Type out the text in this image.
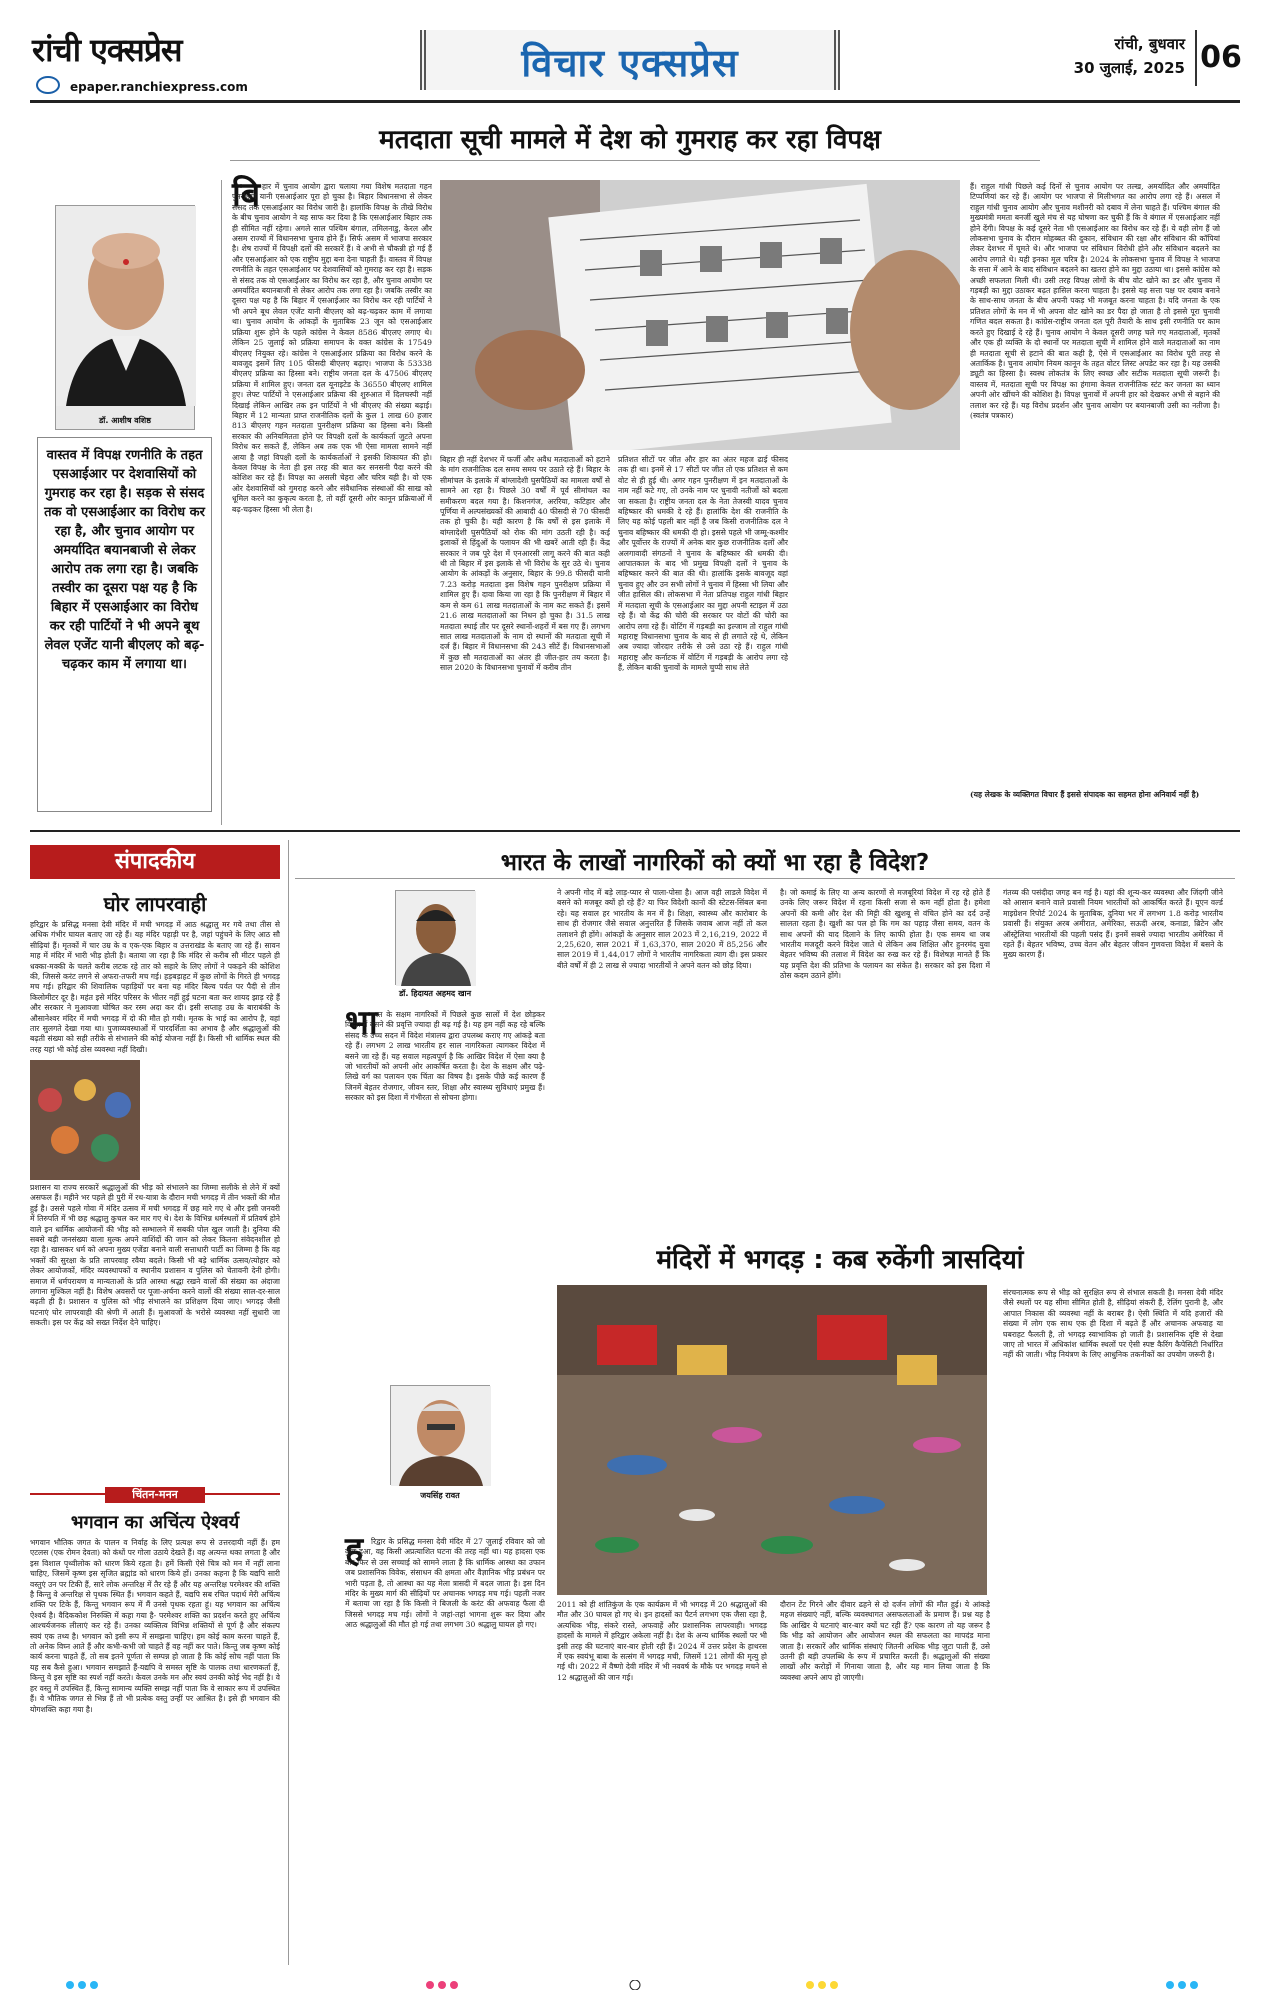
रांची एक्सप्रेस
epaper.ranchiexpress.com
विचार एक्सप्रेस	रांची, बुधवार
30 जुलाई, 2025 06
मतदाता सूची मामले में देश को गुमराह कर रहा विपक्ष
डॉ. आशीष वशिष्ठ
वास्तव में विपक्ष रणनीति के तहत एसआईआर पर देशवासियों को गुमराह कर रहा है। सड़क से संसद तक वो एसआईआर का विरोध कर रहा है, और चुनाव आयोग पर अमर्यादित बयानबाजी से लेकर आरोप तक लगा रहा है। जबकि तस्वीर का दूसरा पक्ष यह है कि बिहार में एसआईआर का विरोध कर रही पार्टियों ने भी अपने बूथ लेवल एजेंट यानी बीएलए को बढ़-चढ़कर काम में लगाया था।
बि हार में चुनाव आयोग द्वारा चलाया गया विशेष मतदाता गहन पुनरीक्षण यानी एसआईआर पूरा हो चुका है। बिहार विधानसभा से लेकर संसद तक एसआईआर का विरोध जारी है। हालांकि विपक्ष के तीखे विरोध के बीच चुनाव आयोग ने यह साफ कर दिया है कि एसआईआर बिहार तक ही सीमित नहीं रहेगा। अगले साल पश्चिम बंगाल, तमिलनाडु, केरल और असम राज्यों में विधानसभा चुनाव होने हैं। सिर्फ असम में भाजपा सरकार है। शेष राज्यों में विपक्षी दलों की सरकारें हैं। वे अभी से चौकन्नी हो गई हैं और एसआईआर को एक राष्ट्रीय मुद्दा बना देना चाहती हैं। वास्तव में विपक्ष रणनीति के तहत एसआईआर पर देशवासियों को गुमराह कर रहा है। सड़क से संसद तक वो एसआईआर का विरोध कर रहा है, और चुनाव आयोग पर अमर्यादित बयानबाजी से लेकर आरोप तक लगा रहा है। जबकि तस्वीर का दूसरा पक्ष यह है कि बिहार में एसआईआर का विरोध कर रही पार्टियों ने भी अपने बूथ लेवल एजेंट यानी बीएलए को बढ़-चढ़कर काम में लगाया था। चुनाव आयोग के आंकड़ों के मुताबिक 23 जून को एसआईआर प्रक्रिया शुरू होने के पहले कांग्रेस ने केवल 8586 बीएलए लगाए थे। लेकिन 25 जुलाई को प्रक्रिया समापन के वक्त कांग्रेस के 17549 बीएलए नियुक्त रहे। कांग्रेस ने एसआईआर प्रक्रिया का विरोध करने के बावजूद इसमें लिए 105 फीसदी बीएलए बढ़ाए। भाजपा के 53338 बीएलए प्रक्रिया का हिस्सा बने। राष्ट्रीय जनता दल के 47506 बीएलए प्रक्रिया में शामिल हुए। जनता दल यूनाइटेड के 36550 बीएलए शामिल हुए। लेफ्ट पार्टियों ने एसआईआर प्रक्रिया की शुरुआत में दिलचस्पी नहीं दिखाई लेकिन आखिर तक इन पार्टियों ने भी बीएलए की संख्या बढ़ाई। बिहार में 12 मान्यता प्राप्त राजनीतिक दलों के कुल 1 लाख 60 हजार 813 बीएलए गहन मतदाता पुनरीक्षण प्रक्रिया का हिस्सा बने। किसी सरकार की अनियमितता होने पर विपक्षी दलों के कार्यकर्ता जुटते अपना विरोध कर सकते हैं, लेकिन अब तक एक भी ऐसा मामला सामने नहीं आया है जहां विपक्षी दलों के कार्यकर्ताओं ने इसकी शिकायत की हो। केवल विपक्ष के नेता ही इस तरह की बात कर सनसनी पैदा करने की कोशिश कर रहे हैं। विपक्ष का असली चेहरा और चरित्र यही है। वो एक ओर देशवासियों को गुमराह करने और संवैधानिक संस्थाओं की साख को धूमिल करने का कुकृत्य करता है, तो वहीं दूसरी ओर कानून प्रक्रियाओं में बढ़-चढ़कर हिस्सा भी लेता है।
बिहार ही नहीं देशभर में फर्जी और अवैध मतदाताओं को हटाने के मांग राजनीतिक दल समय समय पर उठाते रहे हैं। बिहार के सीमांचल के इलाके में बांग्लादेशी घुसपैठियों का मामला वर्षों से सामने आ रहा है। पिछले 30 वर्षों में पूर्व सीमांचल का समीकरण बदल गया है। किशनगंज, अररिया, कटिहार और पूर्णिया में अल्पसंख्यकों की आबादी 40 फीसदी से 70 फीसदी तक हो चुकी है। यही कारण है कि वर्षों से इस इलाके में बांग्लादेशी घुसपैठियों को रोक की मांग उठती रही है। कई इलाकों से हिंदुओं के पलायन की भी खबरें आती रही हैं। केंद्र सरकार ने जब पूरे देश में एनआरसी लागू करने की बात कही थी तो बिहार में इस इलाके से भी विरोध के सुर उठे थे। चुनाव आयोग के आंकड़ों के अनुसार, बिहार के 99.8 फीसदी यानी 7.23 करोड़ मतदाता इस विशेष गहन पुनरीक्षण प्रक्रिया में शामिल हुए हैं। दावा किया जा रहा है कि पुनरीक्षण में बिहार में कम से कम 61 लाख मतदाताओं के नाम कट सकते हैं। इसमें 21.6 लाख मतदाताओं का निधन हो चुका है। 31.5 लाख मतदाता स्थाई तौर पर दूसरे स्थानों-शहरों में बस गए हैं। लगभग सात लाख मतदाताओं के नाम दो स्थानों की मतदाता सूची में दर्ज हैं। बिहार में विधानसभा की 243 सीटें हैं। विधानसभाओं में कुछ सौ मतदाताओं का अंतर ही जीत-हार तय करता है। साल 2020 के विधानसभा चुनावों में करीब तीन
प्रतिशत सीटों पर जीत और हार का अंतर महज ढाई फीसद तक ही था। इनमें से 17 सीटों पर जीत तो एक प्रतिशत से कम वोट से ही हुई थी। अगर गहन पुनरीक्षण में इन मतदाताओं के नाम नहीं कटे गए, तो उनके नाम पर चुनावी नतीजों को बदला जा सकता है। राष्ट्रीय जनता दल के नेता तेजस्वी यादव चुनाव बहिष्कार की धमकी दे रहे हैं। हालांकि देश की राजनीति के लिए यह कोई पहली बार नहीं है जब किसी राजनीतिक दल ने चुनाव बहिष्कार की धमकी दी हो। इससे पहले भी जम्मू-कश्मीर और पूर्वोत्तर के राज्यों में अनेक बार कुछ राजनीतिक दलों और अलगावादी संगठनों ने चुनाव के बहिष्कार की धमकी दी। आपातकाल के बाद भी प्रमुख विपक्षी दलों ने चुनाव के बहिष्कार करने की बात की थी। हालांकि इसके बावजूद वहां चुनाव हुए और उन सभी लोगों ने चुनाव में हिस्सा भी लिया और जीत हासिल की। लोकसभा में नेता प्रतिपक्ष राहुल गांधी बिहार में मतदाता सूची के एसआईआर का मुद्दा अपनी स्टाइल में उठा रहे हैं। वो केंद्र की चोरी की सरकार पर वोटों की चोरी का आरोप लगा रहे हैं। वोटिंग में गड़बड़ी का इल्जाम तो राहुल गांधी महाराष्ट्र विधानसभा चुनाव के बाद से ही लगाते रहे थे, लेकिन अब ज्यादा जोरदार तरीके से उसे उठा रहे हैं। राहुल गांधी महाराष्ट्र और कर्नाटक में वोटिंग में गड़बड़ी के आरोप लगा रहे हैं, लेकिन बाकी चुनावों के मामले चुप्पी साध लेते
हैं। राहुल गांधी पिछले कई दिनों से चुनाव आयोग पर तल्ख, अमर्यादित और अमर्यादित टिप्पणियां कर रहे हैं। आयोग पर भाजपा से मिलीभगत का आरोप लगा रहे हैं। असल में राहुल गांधी चुनाव आयोग और चुनाव मशीनरी को दबाव में लेना चाहते हैं। पश्चिम बंगाल की मुख्यमंत्री ममता बनर्जी खुले मंच से यह घोषणा कर चुकी हैं कि वे बंगाल में एसआईआर नहीं होने देंगी। विपक्ष के कई दूसरे नेता भी एसआईआर का विरोध कर रहे हैं। ये वही लोग हैं जो लोकसभा चुनाव के दौरान मोहब्बत की दुकान, संविधान की रक्षा और संविधान की कॉपियां लेकर देशभर में घूमते थे। और भाजपा पर संविधान विरोधी होने और संविधान बदलने का आरोप लगाते थे। यही इनका मूल चरित्र है। 2024 के लोकसभा चुनाव में विपक्ष ने भाजपा के सत्ता में आने के बाद संविधान बदलने का खतरा होने का मुद्दा उठाया था। इससे कांग्रेस को अच्छी सफलता मिली थी। उसी तरह विपक्ष लोगों के बीच वोट खोने का डर और चुनाव में गड़बड़ी का मुद्दा उठाकर बढ़त हासिल करना चाहता है। इससे यह सत्ता पक्ष पर दबाव बनाने के साथ-साथ जनता के बीच अपनी पकड़ भी मजबूत करना चाहता है। यदि जनता के एक प्रतिशत लोगों के मन में भी अपना वोट खोने का डर पैदा हो जाता है तो इससे पूरा चुनावी गणित बदल सकता है। कांग्रेस-राष्ट्रीय जनता दल पूरी तैयारी के साथ इसी रणनीति पर काम करते हुए दिखाई दे रहे हैं। चुनाव आयोग ने केवल दूसरी जगह चले गए मतदाताओं, मृतकों और एक ही व्यक्ति के दो स्थानों पर मतदाता सूची में शामिल होने वाले मतदाताओं का नाम ही मतदाता सूची से हटाने की बात कही है, ऐसे में एसआईआर का विरोध पूरी तरह से अतार्किक है। चुनाव आयोग नियम कानून के तहत वोटर लिस्ट अपडेट कर रहा है। यह उसकी ड्यूटी का हिस्सा है। स्वस्थ लोकतंत्र के लिए स्वच्छ और सटीक मतदाता सूची जरूरी है। वास्तव में, मतदाता सूची पर विपक्ष का हंगामा केवल राजनीतिक स्टंट कर जनता का ध्यान अपनी ओर खींचने की कोशिश है। विपक्ष चुनावों में अपनी हार को देखकर अभी से बहाने की तलाश कर रहे हैं। यह विरोध प्रदर्शन और चुनाव आयोग पर बयानबाजी उसी का नतीजा है। (स्वतंत्र पत्रकार)
(यह लेखक के व्यक्तिगत विचार हैं इससे संपादक का सहमत होना अनिवार्य नहीं है)
संपादकीय
घोर लापरवाही
हरिद्वार के प्रसिद्ध मनसा देवी मंदिर में मची भगदड़ में आठ श्रद्धालु मर गये तथा तीस से अधिक गंभीर घायल बताए जा रहे हैं। यह मंदिर पहाड़ी पर है, जहां पहुंचने के लिए आठ सौ सीढ़ियां हैं। मृतकों में चार उम्र के व एक-एक बिहार व उत्तराखंड के बताए जा रहे हैं। सावन माह में मंदिर में भारी भीड़ होती है। बताया जा रहा है कि मंदिर से करीब सौ मीटर पहले ही धक्का-मक्की के चलते करीब लटक रहे तार को सहारे के लिए लोगों ने पकड़ने की कोशिश की, जिससे करंट लगने से अफरा-तफरी मच गई। हड़बड़ाहट में कुछ लोगों के गिरते ही भगदड़ मच गई। हरिद्वार की शिवालिक पहाड़ियों पर बना यह मंदिर बिल्व पर्वत पर पैदी से तीन किलोमीटर दूर है। महंत इसे मंदिर परिसर के भीतर नहीं हुई घटना बता कर शायद झाड़ रहे हैं और सरकार ने मुआवजा घोषित कर रस्म अदा कर दी। इसी सप्ताह उम्र के बाराबंकी के औसानेश्वर मंदिर में मची भगदड़ में दो की मौत हो गयी। मृतक के भाई का आरोप है, वहां तार सुलगते देखा गया था। पुजाव्यवस्थाओं में पारदर्शिता का अभाव है और श्रद्धालुओं की बढ़ती संख्या को सही तरीके से संभालने की कोई योजना नहीं है। किसी भी धार्मिक स्थल की तरह यहां भी कोई ठोस व्यवस्था नहीं दिखी।
प्रशासन या राज्य सरकारें श्रद्धालुओं की भीड़ को संभालने का जिम्मा सलीके से लेने में क्यों असफल हैं। महीने भर पहले ही पुरी में रथ-यात्रा के दौरान मची भगदड़ में तीन भक्तों की मौत हुई है। उससे पहले गोवा में मंदिर उत्सव में मची भगदड़ में छह मारे गए थे और इसी जनवरी में तिरुपति में भी छह श्रद्धालु कुचल कर मार गए थे। देश के विभिन्न धर्मस्थलों में प्रतिवर्ष होने वाले इन धार्मिक आयोजनों की भीड़ को सम्भालने में सबकी पोल खुल जाती है। दुनिया की सबसे बड़ी जनसंख्या वाला मुल्क अपने वाशिंदों की जान को लेकर कितना संवेदनशील हो रहा है। खासकर धर्म को अपना मुख्य एजेंडा बनाने वाली सत्ताधारी पार्टी का जिम्मा है कि वह भक्तों की सुरक्षा के प्रति लापरवाह रवैया बदले। किसी भी बड़े धार्मिक उत्सव/त्योहार को लेकर आयोजकों, मंदिर व्यवस्थापकों व स्थानीय प्रशासन व पुलिस को चेतावनी देनी होगी। समाज में धर्मपरायण व मान्यताओं के प्रति आस्था श्रद्धा रखने वालों की संख्या का अंदाजा लगाना मुश्किल नहीं है। विशेष अवसरों पर पूजा-अर्चना करने वालों की संख्या साल-दर-साल बढ़ती ही है। प्रशासन व पुलिस को भीड़ संभालने का प्रशिक्षण दिया जाए। भगदड़ जैसी घटनाएं घोर लापरवाही की श्रेणी में आती हैं। मुआवजों के भरोसे व्यवस्था नहीं सुधारी जा सकती। इस पर केंद्र को सख्त निर्देश देने चाहिए।
चिंतन-मनन
भगवान का अचिंत्य ऐश्वर्य
भगवान भौतिक जगत के पालन व निर्वाह के लिए प्रत्यक्ष रूप से उत्तरदायी नहीं हैं। हम एटलस (एक रोमन देवता) को कंधों पर गोला उठाये देखते हैं। वह अत्यन्त थका लगता है और इस विशाल पृथ्वीलोक को धारण किये रहता है। हमें किसी ऐसे चित्र को मन में नहीं लाना चाहिए, जिसमें कृष्ण इस सृजित ब्रह्मांड को धारण किये हों। उनका कहना है कि यद्यपि सारी वस्तुएं उन पर टिकी हैं, सारे लोक अन्तरिक्ष में तैर रहे हैं और यह अन्तरिक्ष परमेश्वर की शक्ति है किन्तु वे अन्तरिक्ष से पृथक स्थित हैं। भगवान कहते हैं, यद्यपि सब रचित पदार्थ मेरी अचिंत्य शक्ति पर टिके हैं, किन्तु भगवान रूप में मैं उनसे पृथक रहता हूं। यह भगवान का अचिंत्य ऐश्वर्य है। वैदिककोश निरुक्ति में कहा गया है- परमेश्वर शक्ति का प्रदर्शन करते हुए अचिंत्य आश्चर्यजनक लीलाएं कर रहे हैं। उनका व्यक्तित्व विभिन्न शक्तियों से पूर्ण है और संकल्प स्वयं एक तथ्य है। भगवान को इसी रूप में समझना चाहिए। हम कोई काम करना चाहते हैं, तो अनेक विघ्न आते हैं और कभी-कभी जो चाहते हैं वह नहीं कर पाते। किन्तु जब कृष्ण कोई कार्य करना चाहते हैं, तो सब इतने पूर्णता से सम्पन्न हो जाता है कि कोई सोच नहीं पाता कि यह सब कैसे हुआ। भगवान समझाते हैं-यद्यपि वे समस्त सृष्टि के पालक तथा धारणकर्ता हैं, किन्तु वे इस सृष्टि का स्पर्श नहीं करते। केवल उनके मन और स्वयं उनकी कोई भेद नहीं है। वे हर वस्तु में उपस्थित हैं, किन्तु सामान्य व्यक्ति समझ नहीं पाता कि वे साकार रूप में उपस्थित हैं। वे भौतिक जगत से भिन्न हैं तो भी प्रत्येक वस्तु उन्हीं पर आश्रित है। इसे ही भगवान की योगशक्ति कहा गया है।
भारत के लाखों नागरिकों को क्यों भा रहा है विदेश?
डॉ. हिदायत अहमद खान
भा
रत के सक्षम नागरिकों में पिछले कुछ सालों में देश छोड़कर विदेश में बसने की प्रवृत्ति ज्यादा ही बढ़ गई है। यह हम नहीं कह रहे बल्कि संसद के उच्च सदन में विदेश मंत्रालय द्वारा उपलब्ध कराए गए आंकड़े बता रहे हैं। लगभग 2 लाख भारतीय हर साल नागरिकता त्यागकर विदेश में बसने जा रहे हैं। यह सवाल महत्वपूर्ण है कि आखिर विदेश में ऐसा क्या है जो भारतीयों को अपनी ओर आकर्षित करता है। देश के सक्षम और पढ़े-लिखे वर्ग का पलायन एक चिंता का विषय है। इसके पीछे कई कारण हैं जिनमें बेहतर रोजगार, जीवन स्तर, शिक्षा और स्वास्थ्य सुविधाएं प्रमुख हैं। सरकार को इस दिशा में गंभीरता से सोचना होगा।
ने अपनी गोद में बड़े लाड़-प्यार से पाला-पोसा है। आज वही लाडले विदेश में बसने को मजबूर क्यों हो रहे हैं? या फिर विदेशी कानों की स्टेटस-सिंबल बना रहे। यह सवाल हर भारतीय के मन में है। शिक्षा, स्वास्थ्य और कारोबार के साथ ही रोजगार जैसे सवाल अनुत्तरित हैं जिसके जवाब आज नहीं तो कल तलाशने ही होंगे। आंकड़ों के अनुसार साल 2023 में 2,16,219, 2022 में 2,25,620, साल 2021 में 1,63,370, साल 2020 में 85,256 और साल 2019 में 1,44,017 लोगों ने भारतीय नागरिकता त्याग दी। इस प्रकार बीते वर्षों में ही 2 लाख से ज्यादा भारतीयों ने अपने वतन को छोड़ दिया।
है। जो कमाई के लिए या अन्य कारणों से मजबूरियां विदेश में रह रहे होते हैं उनके लिए जरूर विदेश में रहना किसी सजा से कम नहीं होता है। हमेशा अपनों की कमी और देश की मिट्टी की खुशबू से वंचित होने का दर्द उन्हें सालता रहता है। खुशी का पल हो कि गम का पहाड़ जैसा समय, वतन के साथ अपनों की याद दिलाने के लिए काफी होता है। एक समय था जब भारतीय मजदूरी करने विदेश जाते थे लेकिन अब शिक्षित और हुनरमंद युवा बेहतर भविष्य की तलाश में विदेश का रुख कर रहे हैं। विशेषज्ञ मानते हैं कि यह प्रवृत्ति देश की प्रतिभा के पलायन का संकेत है। सरकार को इस दिशा में ठोस कदम उठाने होंगे।
गंतव्य की पसंदीदा जगह बन गई है। यहां की शून्य-कर व्यवस्था और जिंदगी जीने को आसान बनाने वाले प्रवासी नियम भारतीयों को आकर्षित करते हैं। यूएन वर्ल्ड माइग्रेशन रिपोर्ट 2024 के मुताबिक, दुनिया भर में लगभग 1.8 करोड़ भारतीय प्रवासी हैं। संयुक्त अरब अमीरात, अमेरिका, सऊदी अरब, कनाडा, ब्रिटेन और ऑस्ट्रेलिया भारतीयों की पहली पसंद हैं। इनमें सबसे ज्यादा भारतीय अमेरिका में रहते हैं। बेहतर भविष्य, उच्च वेतन और बेहतर जीवन गुणवत्ता विदेश में बसने के मुख्य कारण हैं।
मंदिरों में भगदड़ : कब रुकेंगी त्रासदियां
जयसिंह रावत
ह	रिद्वार के प्रसिद्ध मनसा देवी मंदिर में 27 जुलाई रविवार को जो कुछ हुआ, वह किसी अप्रत्याशित घटना की तरह नहीं था। यह हादसा एक बार फिर से उस सच्चाई को सामने लाता है कि धार्मिक आस्था का उफान जब प्रशासनिक विवेक, संसाधन की क्षमता और वैज्ञानिक भीड़ प्रबंधन पर भारी पड़ता है, तो आस्था का यह मेला त्रासदी में बदल जाता है। इस दिन मंदिर के मुख्य मार्ग की सीढ़ियों पर अचानक भगदड़ मच गई। पहली नजर में बताया जा रहा है कि किसी ने बिजली के करंट की अफवाह फैला दी जिससे भगदड़ मच गई। लोगों ने जहां-तहां भागना शुरू कर दिया और आठ श्रद्धालुओं की मौत हो गई तथा लगभग 30 श्रद्धालु घायल हो गए।
2011 को ही शांतिकुंज के एक कार्यक्रम में भी भगदड़ में 20 श्रद्धालुओं की मौत और 30 घायल हो गए थे। इन हादसों का पैटर्न लगभग एक जैसा रहा है, अत्यधिक भीड़, संकरे रास्ते, अफवाहें और प्रशासनिक लापरवाही। भगदड़ हादसों के मामले में हरिद्वार अकेला नहीं है। देश के अन्य धार्मिक स्थलों पर भी इसी तरह की घटनाएं बार-बार होती रही हैं। 2024 में उत्तर प्रदेश के हाथरस में एक स्वयंभू बाबा के सत्संग में भगदड़ मची, जिसमें 121 लोगों की मृत्यु हो गई थी। 2022 में वैष्णो देवी मंदिर में भी नववर्ष के मौके पर भगदड़ मचने से 12 श्रद्धालुओं की जान गई।
दौरान टेंट गिरने और दीवार ढहने से दो दर्जन लोगों की मौत हुई। ये आंकड़े महज संख्याएं नहीं, बल्कि व्यवस्थागत असफलताओं के प्रमाण हैं। प्रश्न यह है कि आखिर ये घटनाएं बार-बार क्यों घट रही हैं? एक कारण तो यह जरूर है कि भीड़ को आयोजन और आयोजन स्थल की सफलता का मापदंड माना जाता है। सरकारें और धार्मिक संस्थाएं जितनी अधिक भीड़ जुटा पाती हैं, उसे उतनी ही बड़ी उपलब्धि के रूप में प्रचारित करती हैं। श्रद्धालुओं की संख्या लाखों और करोड़ों में गिनाया जाता है, और यह मान लिया जाता है कि व्यवस्था अपने आप हो जाएगी।
संरचनात्मक रूप से भीड़ को सुरक्षित रूप से संभाल सकती है। मनसा देवी मंदिर जैसे स्थलों पर यह सीमा सीमित होती है, सीढ़ियां संकरी हैं, रेलिंग पुरानी है, और आपात निकास की व्यवस्था नहीं के बराबर है। ऐसी स्थिति में यदि हजारों की संख्या में लोग एक साथ एक ही दिशा में बढ़ते हैं और अचानक अफवाह या घबराहट फैलती है, तो भगदड़ स्वाभाविक हो जाती है। प्रशासनिक दृष्टि से देखा जाए तो भारत में अधिकांश धार्मिक स्थलों पर ऐसी स्पष्ट कैरिंग कैपेसिटी निर्धारित नहीं की जाती। भीड़ नियंत्रण के लिए आधुनिक तकनीकों का उपयोग जरूरी है।
